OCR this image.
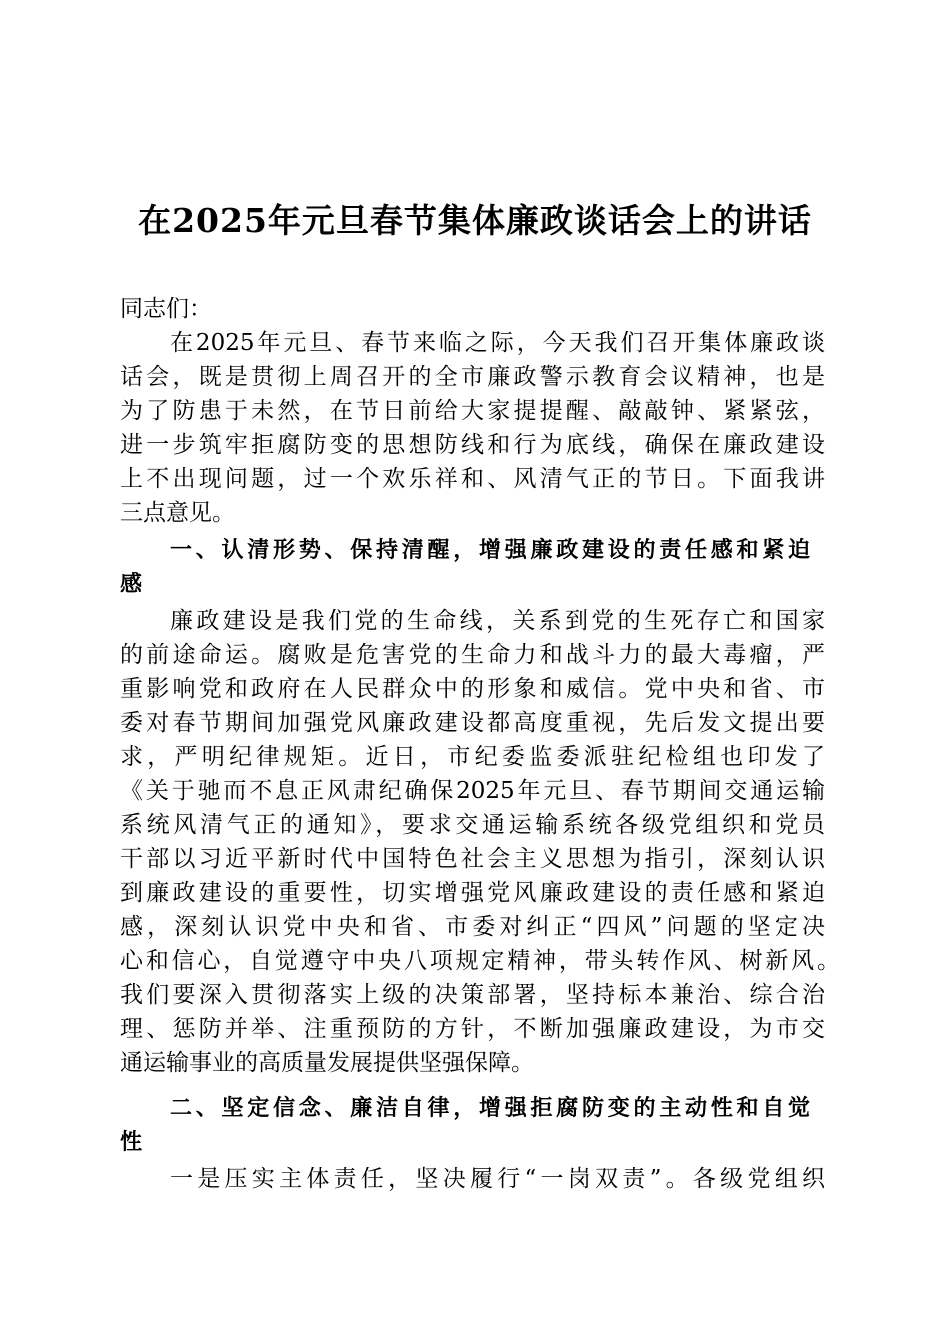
在2025年元旦春节集体廉政谈话会上的讲话

同志们：

在2025年元旦、春节来临之际，今天我们召开集体廉政谈

话会，既是贯彻上周召开的全市廉政警示教育会议精神，也是

为了防患于未然，在节日前给大家提提醒、敲敲钟、紧紧弦，

进一步筑牢拒腐防变的思想防线和行为底线，确保在廉政建设

上不出现问题，过一个欢乐祥和、风清气正的节日。下面我讲

三点意见。

一、认清形势、保持清醒，增强廉政建设的责任感和紧迫

感

廉政建设是我们党的生命线，关系到党的生死存亡和国家

的前途命运。腐败是危害党的生命力和战斗力的最大毒瘤，严

重影响党和政府在人民群众中的形象和威信。党中央和省、市

委对春节期间加强党风廉政建设都高度重视，先后发文提出要

求，严明纪律规矩。近日，市纪委监委派驻纪检组也印发了

《关于驰而不息正风肃纪确保2025年元旦、春节期间交通运输

系统风清气正的通知》，要求交通运输系统各级党组织和党员

干部以习近平新时代中国特色社会主义思想为指引，深刻认识

到廉政建设的重要性，切实增强党风廉政建设的责任感和紧迫

感，深刻认识党中央和省、市委对纠正“四风”问题的坚定决

心和信心，自觉遵守中央八项规定精神，带头转作风、树新风。

我们要深入贯彻落实上级的决策部署，坚持标本兼治、综合治

理、惩防并举、注重预防的方针，不断加强廉政建设，为市交

通运输事业的高质量发展提供坚强保障。

二、坚定信念、廉洁自律，增强拒腐防变的主动性和自觉

性

一是压实主体责任，坚决履行“一岗双责”。各级党组织
